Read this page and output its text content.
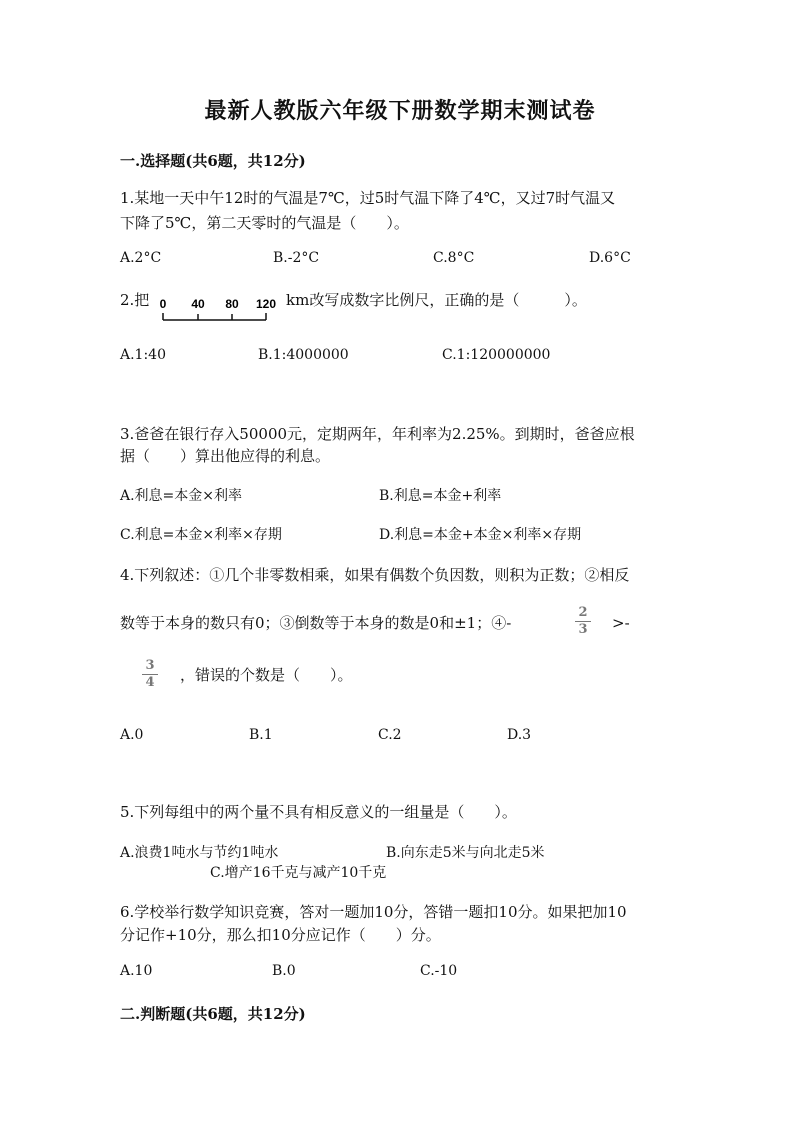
最新人教版六年级下册数学期末测试卷
一.选择题(共6题，共12分)
1.某地一天中午12时的气温是7℃，过5时气温下降了4℃，又过7时气温又
下降了5℃，第二天零时的气温是（　　）。
A.2°C	B.-2°C	C.8°C	D.6°C
2.把 0 40 80 120 km改写成数字比例尺，正确的是（　　　）。
A.1:40	B.1:4000000	C.1:120000000
3.爸爸在银行存入50000元，定期两年，年利率为2.25%。到期时，爸爸应根
据（　　）算出他应得的利息。
A.利息=本金×利率	B.利息=本金+利率
C.利息=本金×利率×存期	D.利息=本金+本金×利率×存期
4.下列叙述：①几个非零数相乘，如果有偶数个负因数，则积为正数；②相反
数等于本身的数只有0；③倒数等于本身的数是0和±1；④-
2
3 >-
3
4 ，错误的个数是（　　）。
A.0	B.1	C.2	D.3
5.下列每组中的两个量不具有相反意义的一组量是（　　）。
A.浪费1吨水与节约1吨水	B.向东走5米与向北走5米
C.增产16千克与减产10千克
6.学校举行数学知识竞赛，答对一题加10分，答错一题扣10分。如果把加10
分记作+10分，那么扣10分应记作（　　）分。
A.10	B.0	C.-10
二.判断题(共6题，共12分)
